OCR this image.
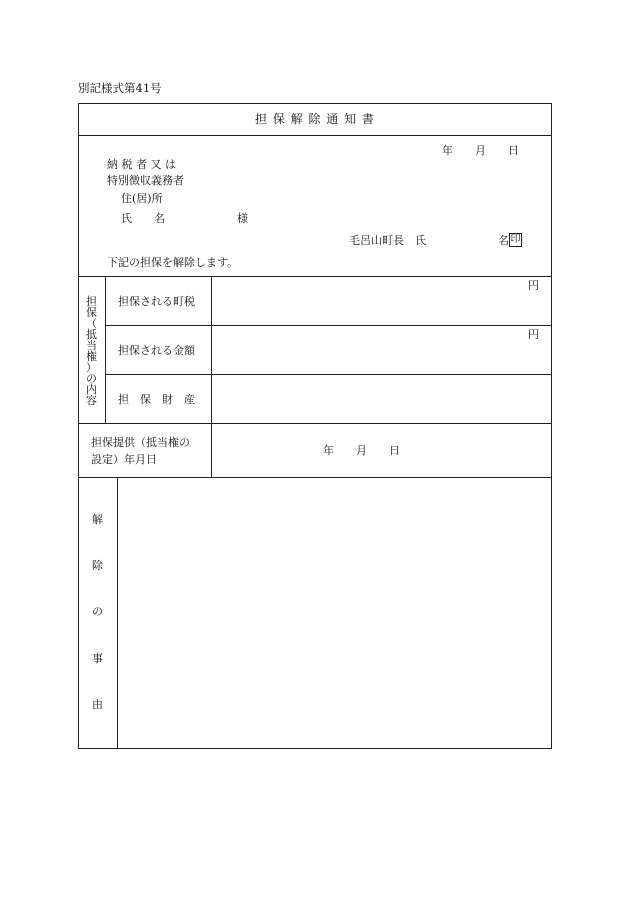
別記様式第41号
担 保 解 除 通 知 書
年　　月　　日
納 税 者 又 は
特別徴収義務者
住(居)所
氏　　名	様
毛呂山町長　氏	名 印
下記の担保を解除します。
担
保
（
抵
当
権
）
の
内
容
担保される町税
円
担保される金額
円
担　保　財　産
担保提供（抵当権の
設定）年月日
年　　月　　日
解
除
の
事
由
